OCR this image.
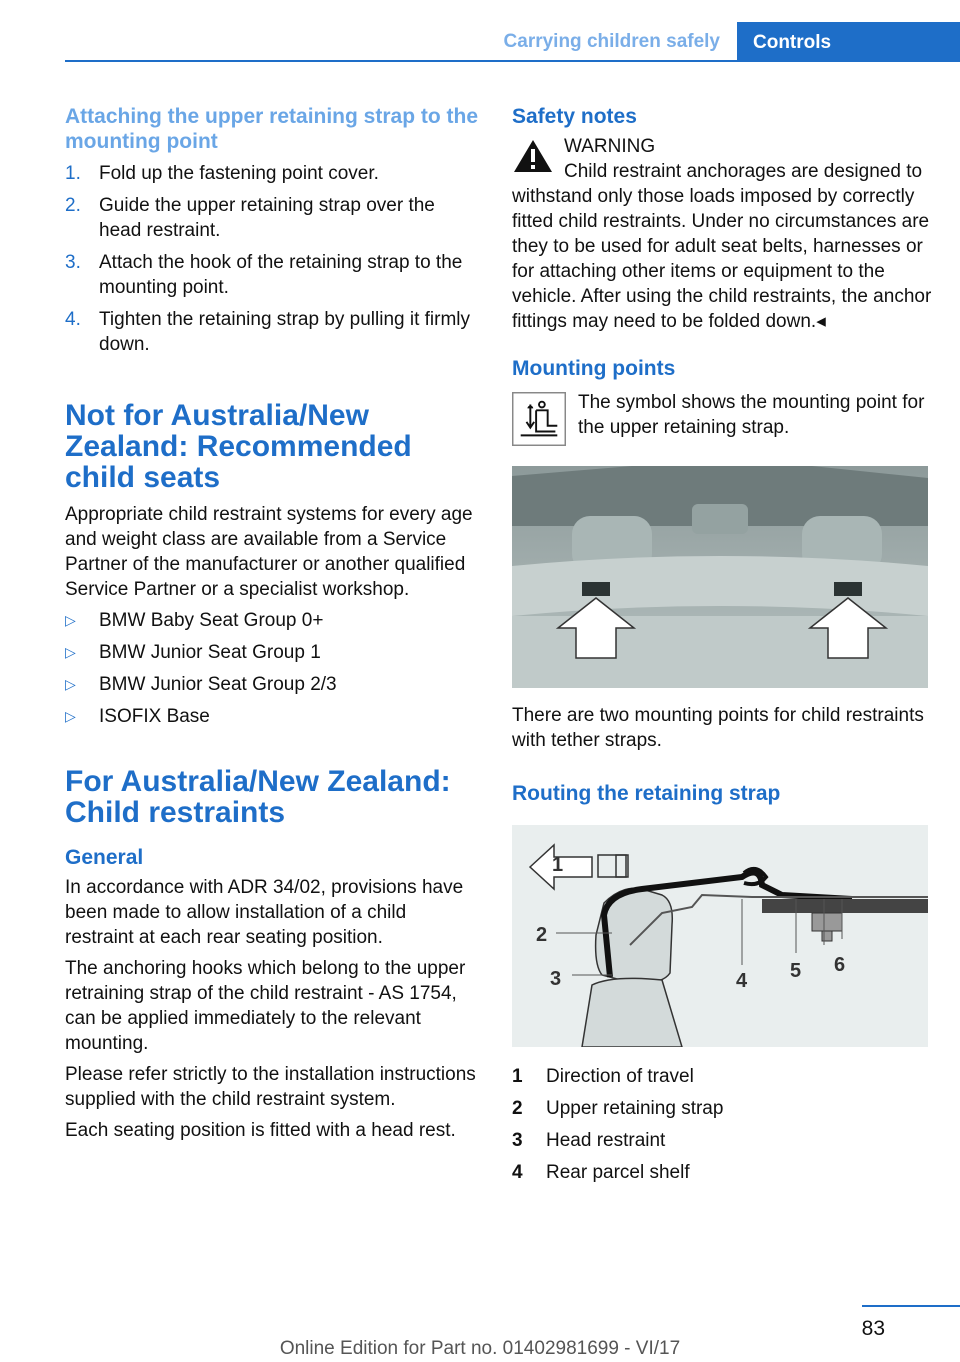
Carrying children safely	Controls
Attaching the upper retaining strap to the mounting point
1. Fold up the fastening point cover.
2. Guide the upper retaining strap over the head restraint.
3. Attach the hook of the retaining strap to the mounting point.
4. Tighten the retaining strap by pulling it firmly down.
Not for Australia/New Zealand: Recommended child seats

Appropriate child restraint systems for every age and weight class are available from a Service Partner of the manufacturer or another qualified Service Partner or a specialist workshop.

▷ BMW Baby Seat Group 0+
▷ BMW Junior Seat Group 1
▷ BMW Junior Seat Group 2/3
▷ ISOFIX Base
For Australia/New Zealand: Child restraints
General

In accordance with ADR 34/02, provisions have been made to allow installation of a child restraint at each rear seating position.

The anchoring hooks which belong to the upper retraining strap of the child restraint - AS 1754, can be applied immediately to the relevant mounting.

Please refer strictly to the installation instructions supplied with the child restraint system.

Each seating position is fitted with a head rest.

Safety notes

WARNING

Child restraint anchorages are designed to withstand only those loads imposed by correctly fitted child restraints. Under no circumstances are they to be used for adult seat belts, harnesses or for attaching other items or equipment to the vehicle. After using the child restraints, the anchor fittings may need to be folded down.◂

Mounting points

The symbol shows the mounting point for the upper retaining strap.

There are two mounting points for child restraints with tether straps.

Routing the retaining strap
1
2
3	4 5 6
1 Direction of travel
2 Upper retaining strap
3 Head restraint
4 Rear parcel shelf
83
Online Edition for Part no. 01402981699 - VI/17
